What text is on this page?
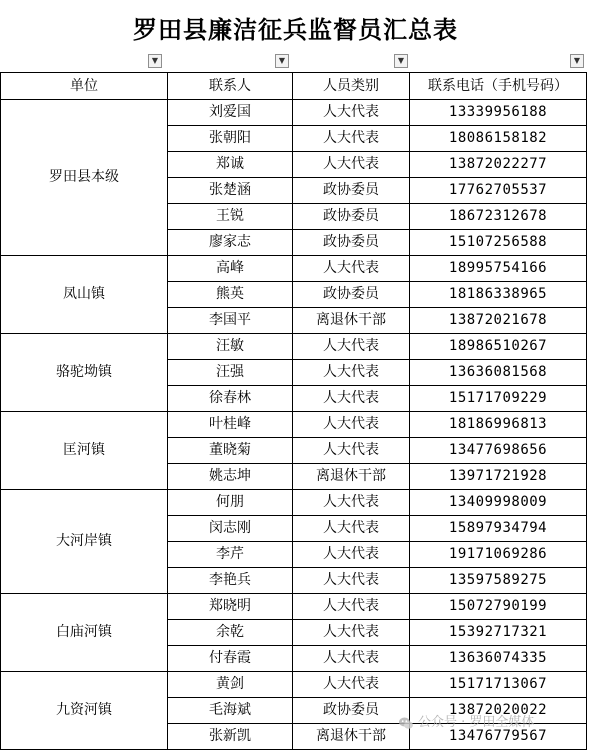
罗田县廉洁征兵监督员汇总表
▼	▼	▼	▼
单位	联系人	人员类别	联系电话（手机号码）
罗田县本级	刘爱国	人大代表	13339956188
	张朝阳	人大代表	18086158182
	郑诚	人大代表	13872022277
	张楚涵	政协委员	17762705537
	王锐	政协委员	18672312678
	廖家志	政协委员	15107256588
凤山镇	高峰	人大代表	18995754166
	熊英	政协委员	18186338965
	李国平	离退休干部	13872021678
骆驼坳镇	汪敏	人大代表	18986510267
	汪强	人大代表	13636081568
	徐春林	人大代表	15171709229
匡河镇	叶桂峰	人大代表	18186996813
	董晓菊	人大代表	13477698656
	姚志坤	离退休干部	13971721928
大河岸镇	何朋	人大代表	13409998009
	闵志刚	人大代表	15897934794
	李芹	人大代表	19171069286
	李艳兵	人大代表	13597589275
白庙河镇	郑晓明	人大代表	15072790199
	余乾	人大代表	15392717321
	付春霞	人大代表	13636074335
九资河镇	黄剑	人大代表	15171713067
	毛海斌	政协委员	13872020022
	张新凯	离退休干部	13476779567
公众号 · 罗田全媒体
